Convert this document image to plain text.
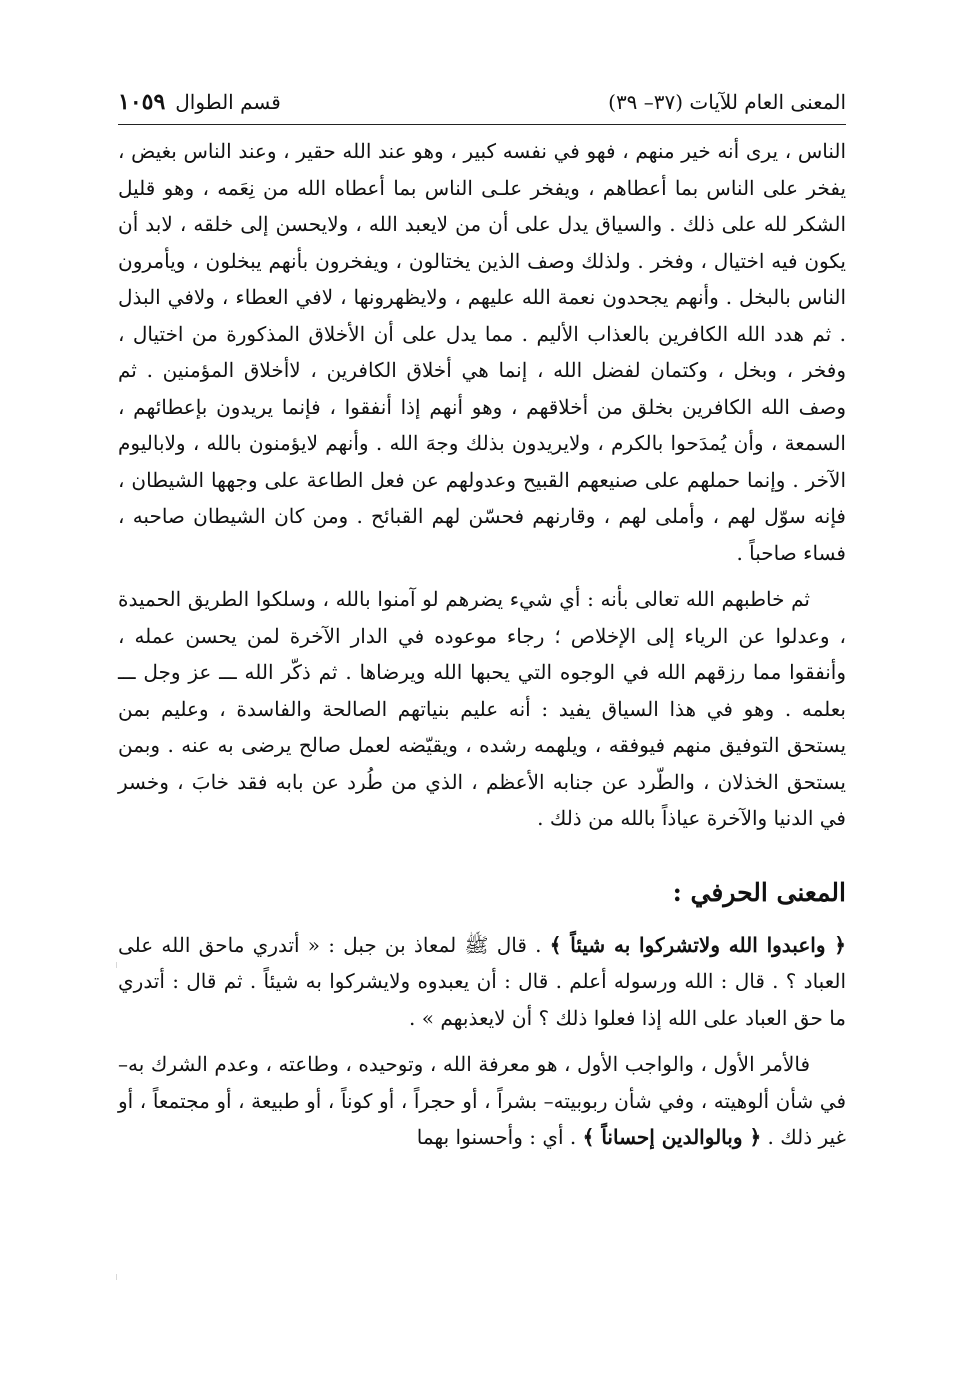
المعنى العام للآيات (٣٧– ٣٩)
قسم الطوال١٠٥٩

الناس ، يرى أنه خير منهم ، فهو في نفسه كبير ، وهو عند الله حقير ، وعند الناس بغيض ، يفخر على الناس بما أعطاهم ، ويفخر علـى الناس بما أعطاه الله من نِعَمه ، وهو قليل الشكر لله على ذلك . والسياق يدل على أن من لايعبد الله ، ولايحسن إلى خلقه ، لابد أن يكون فيه اختيال ، وفخر . ولذلك وصف الذين يختالون ، ويفخرون بأنهم يبخلون ، ويأمرون الناس بالبخل . وأنهم يجحدون نعمة الله عليهم ، ولايظهرونها ، لافي العطاء ، ولافي البذل . ثم هدد الله الكافرين بالعذاب الأليم . مما يدل على أن الأخلاق المذكورة من اختيال ، وفخر ، وبخل ، وكتمان لفضل الله ، إنما هي أخلاق الكافرين ، لاأخلاق المؤمنين . ثم وصف الله الكافرين بخلق من أخلاقهم ، وهو أنهم إذا أنفقوا ، فإنما يريدون بإعطائهم ، السمعة ، وأن يُمدَحوا بالكرم ، ولايريدون بذلك وجهَ الله . وأنهم لايؤمنون بالله ، ولاباليوم الآخر . وإنما حملهم على صنيعهم القبيح وعدولهم عن فعل الطاعة على وجهها الشيطان ، فإنه سوّل لهم ، وأملى لهم ، وقارنهم فحسّن لهم القبائح . ومن كان الشيطان صاحبه ، فساء صاحباً .

ثم خاطبهم الله تعالى بأنه : أي شيء يضرهم لو آمنوا بالله ، وسلكوا الطريق الحميدة ، وعدلوا عن الرياء إلى الإخلاص ؛ رجاء موعوده في الدار الآخرة لمن يحسن عمله ، وأنفقوا مما رزقهم الله في الوجوه التي يحبها الله ويرضاها . ثم ذكّر الله ـــ عز وجل ـــ بعلمه . وهو في هذا السياق يفيد : أنه عليم بنياتهم الصالحة والفاسدة ، وعليم بمن يستحق التوفيق منهم فيوفقه ، ويلهمه رشده ، ويقيّضه لعمل صالح يرضى به عنه . وبمن يستحق الخذلان ، والطّرد عن جنابه الأعظم ، الذي من طُرد عن بابه فقد خابَ ، وخسر في الدنيا والآخرة عياذاً بالله من ذلك .

المعنى الحرفي :

﴿ واعبدوا الله ولاتشركوا به شيئاً ﴾ . قال ﷺ لمعاذ بن جبل : « أتدري ماحق الله على العباد ؟ . قال : الله ورسوله أعلم . قال : أن يعبدوه ولايشركوا به شيئاً . ثم قال : أتدري ما حق العباد على الله إذا فعلوا ذلك ؟ أن لايعذبهم » .

فالأمر الأول ، والواجب الأول ، هو معرفة الله ، وتوحيده ، وطاعته ، وعدم الشرك به– في شأن ألوهيته ، وفي شأن ربوبيته– بشراً ، أو حجراً ، أو كوناً ، أو طبيعة ، أو مجتمعاً ، أو غير ذلك . ﴿ وبالوالدين إحساناً ﴾ . أي : وأحسنوا بهما
